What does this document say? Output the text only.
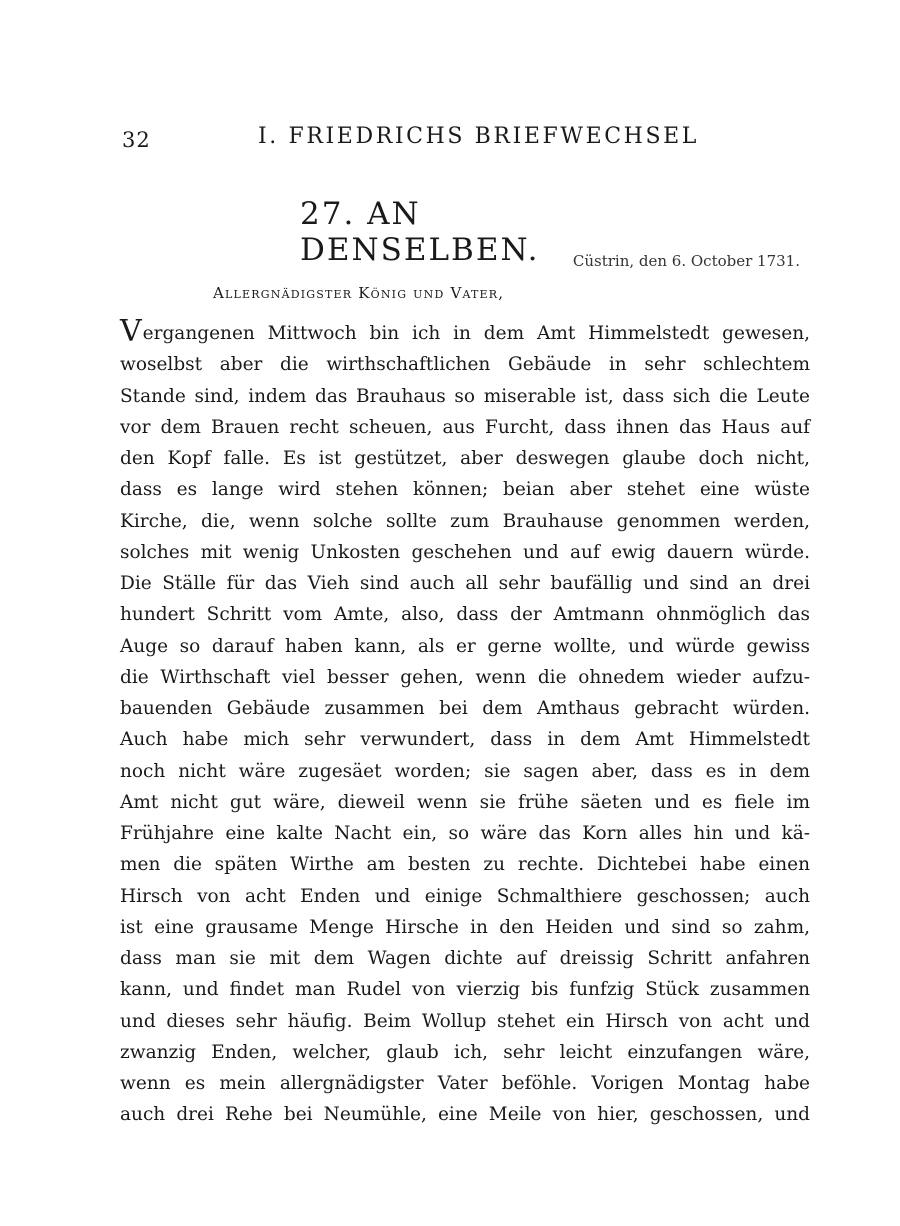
32	I. FRIEDRICHS BRIEFWECHSEL
27. AN DENSELBEN.	Cüstrin, den 6. October 1731.
Allergnädigster König und Vater,
Vergangenen Mittwoch bin ich in dem Amt Himmelstedt gewesen,
woselbst aber die wirthschaftlichen Gebäude in sehr schlechtem
Stande sind, indem das Brauhaus so miserable ist, dass sich die Leute
vor dem Brauen recht scheuen, aus Furcht, dass ihnen das Haus auf
den Kopf falle. Es ist gestützet, aber deswegen glaube doch nicht,
dass es lange wird stehen können; beian aber stehet eine wüste
Kirche, die, wenn solche sollte zum Brauhause genommen werden,
solches mit wenig Unkosten geschehen und auf ewig dauern würde.
Die Ställe für das Vieh sind auch all sehr baufällig und sind an drei
hundert Schritt vom Amte, also, dass der Amtmann ohnmöglich das
Auge so darauf haben kann, als er gerne wollte, und würde gewiss
die Wirthschaft viel besser gehen, wenn die ohnedem wieder aufzu-
bauenden Gebäude zusammen bei dem Amthaus gebracht würden.
Auch habe mich sehr verwundert, dass in dem Amt Himmelstedt
noch nicht wäre zugesäet worden; sie sagen aber, dass es in dem
Amt nicht gut wäre, dieweil wenn sie frühe säeten und es fiele im
Frühjahre eine kalte Nacht ein, so wäre das Korn alles hin und kä-
men die späten Wirthe am besten zu rechte. Dichtebei habe einen
Hirsch von acht Enden und einige Schmalthiere geschossen; auch
ist eine grausame Menge Hirsche in den Heiden und sind so zahm,
dass man sie mit dem Wagen dichte auf dreissig Schritt anfahren
kann, und findet man Rudel von vierzig bis funfzig Stück zusammen
und dieses sehr häufig. Beim Wollup stehet ein Hirsch von acht und
zwanzig Enden, welcher, glaub ich, sehr leicht einzufangen wäre,
wenn es mein allergnädigster Vater beföhle. Vorigen Montag habe
auch drei Rehe bei Neumühle, eine Meile von hier, geschossen, und
